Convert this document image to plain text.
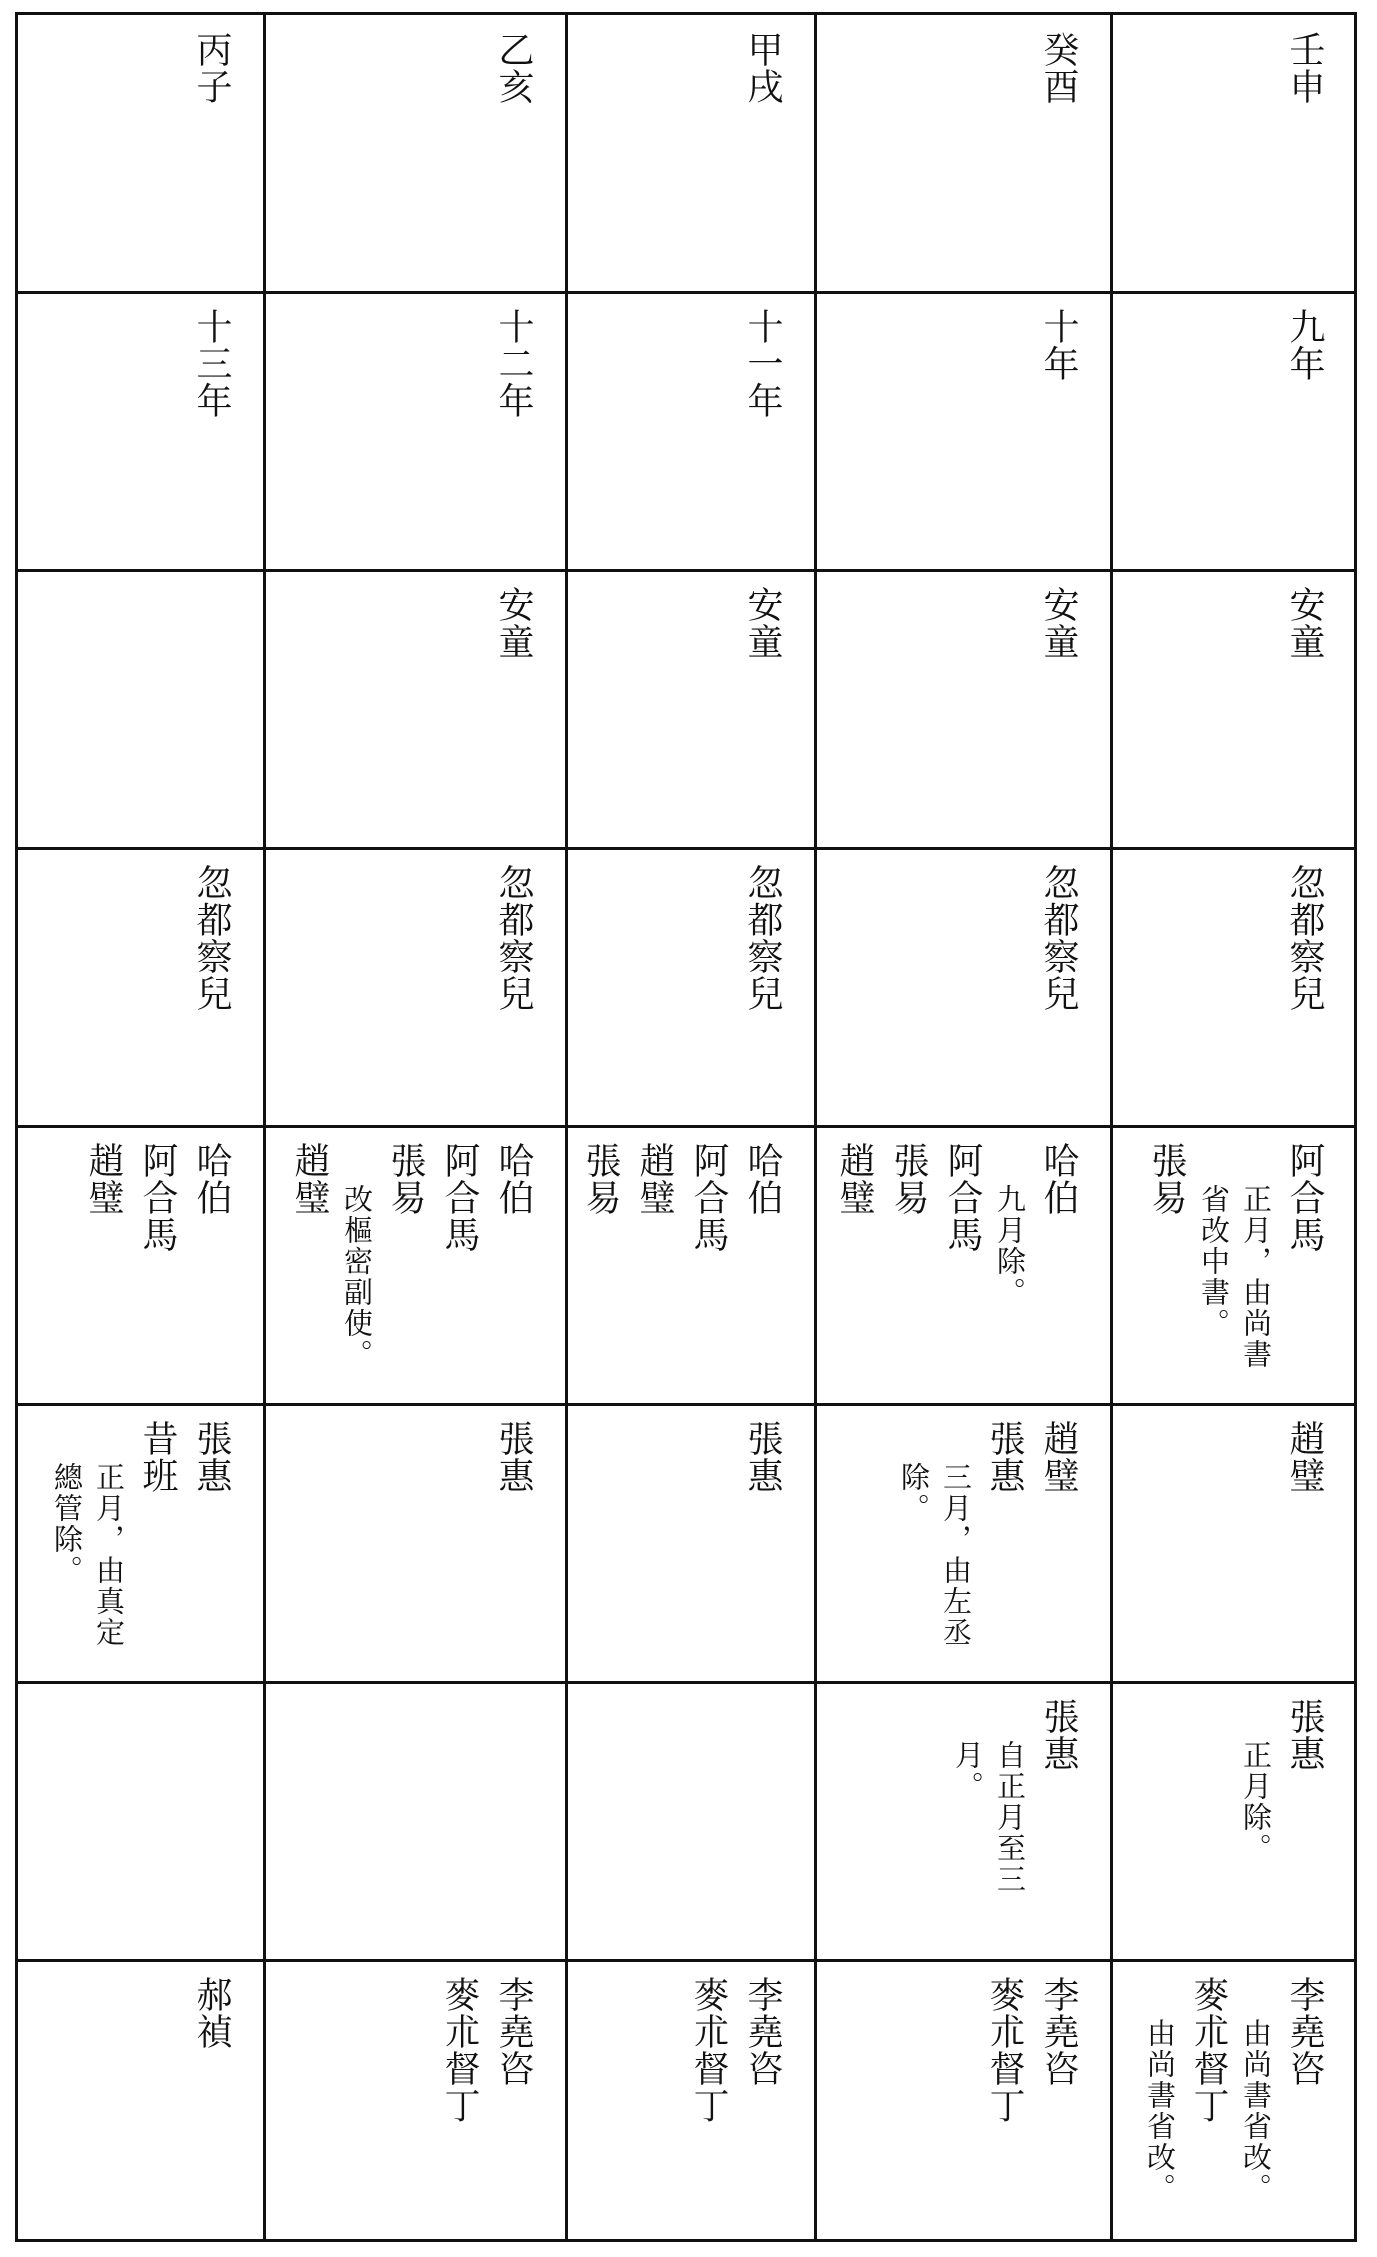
壬申
九年
安童
忽都察兒
阿合馬
正月，由尚書
省改中書。
張易
趙璧
張惠
正月除。
李堯咨
由尚書省改。
麥朮督丁
由尚書省改。
癸酉
十年
安童
忽都察兒
哈伯
九月除。
阿合馬
張易
趙璧
趙璧
張惠
三月，由左丞
除。
張惠
自正月至三
月。
李堯咨
麥朮督丁
甲戌
十一年
安童
忽都察兒
哈伯
阿合馬
趙璧
張易
張惠
李堯咨
麥朮督丁
乙亥
十二年
安童
忽都察兒
哈伯
阿合馬
張易
改樞密副使。
趙璧
張惠
李堯咨
麥朮督丁
丙子
十三年
忽都察兒
哈伯
阿合馬
趙璧
張惠
昔班
正月，由真定
總管除。
郝禎
